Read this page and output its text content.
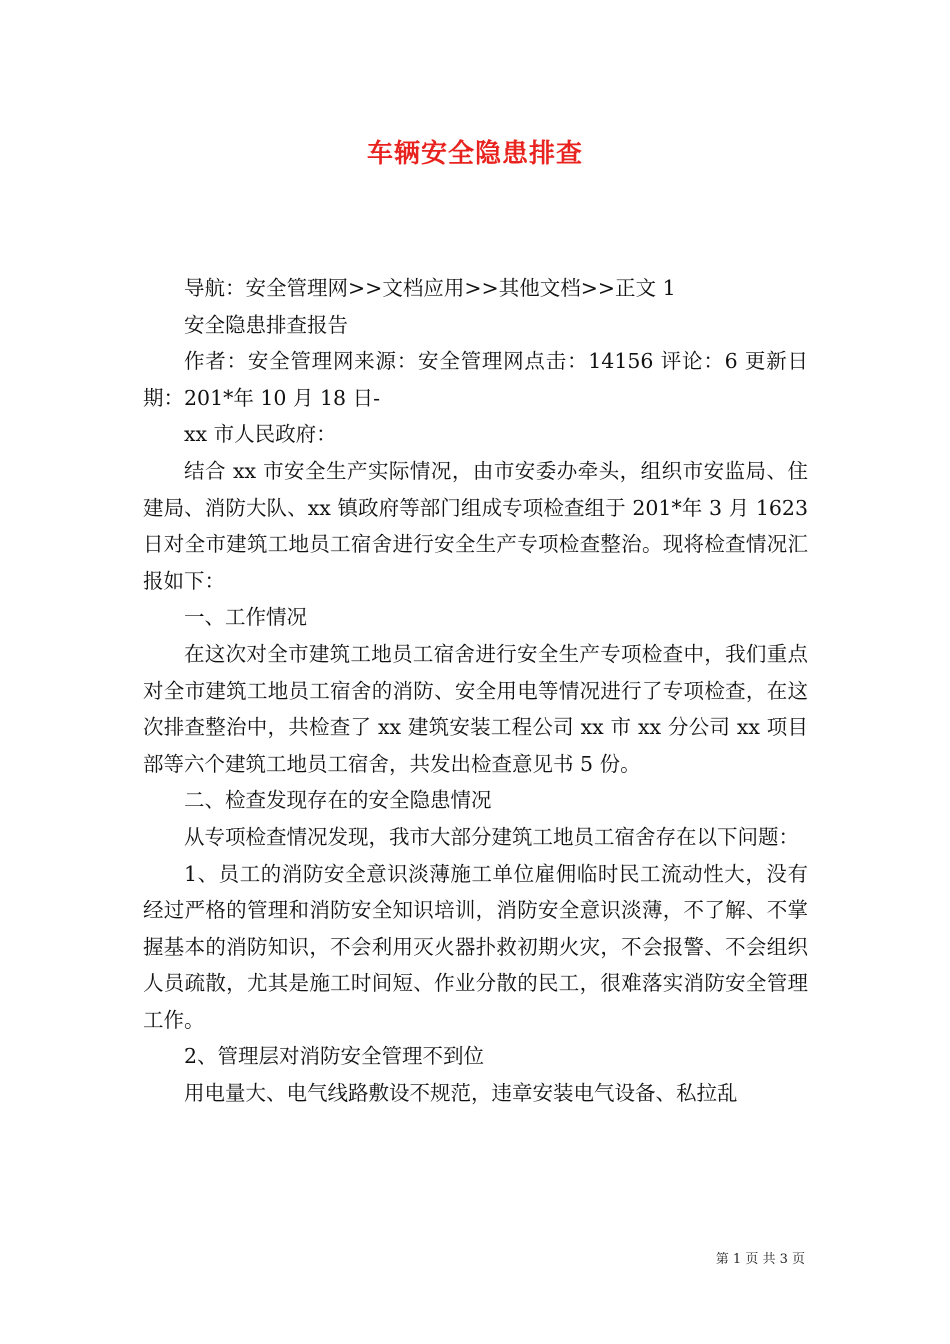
车辆安全隐患排查

导航：安全管理网>>文档应用>>其他文档>>正文 1

安全隐患排查报告

作者：安全管理网来源：安全管理网点击：14156 评论：6 更新日期：201*年 10 月 18 日-

xx 市人民政府：

结合 xx 市安全生产实际情况，由市安委办牵头，组织市安监局、住建局、消防大队、xx 镇政府等部门组成专项检查组于 201*年 3 月 1623 日对全市建筑工地员工宿舍进行安全生产专项检查整治。现将检查情况汇报如下：

一、工作情况

在这次对全市建筑工地员工宿舍进行安全生产专项检查中，我们重点对全市建筑工地员工宿舍的消防、安全用电等情况进行了专项检查，在这次排查整治中，共检查了 xx 建筑安装工程公司 xx 市 xx 分公司 xx 项目部等六个建筑工地员工宿舍，共发出检查意见书 5 份。

二、检查发现存在的安全隐患情况

从专项检查情况发现，我市大部分建筑工地员工宿舍存在以下问题：

1、员工的消防安全意识淡薄施工单位雇佣临时民工流动性大，没有经过严格的管理和消防安全知识培训，消防安全意识淡薄，不了解、不掌握基本的消防知识，不会利用灭火器扑救初期火灾，不会报警、不会组织人员疏散，尤其是施工时间短、作业分散的民工，很难落实消防安全管理工作。

2、管理层对消防安全管理不到位

用电量大、电气线路敷设不规范，违章安装电气设备、私拉乱

第 1 页 共 3 页
